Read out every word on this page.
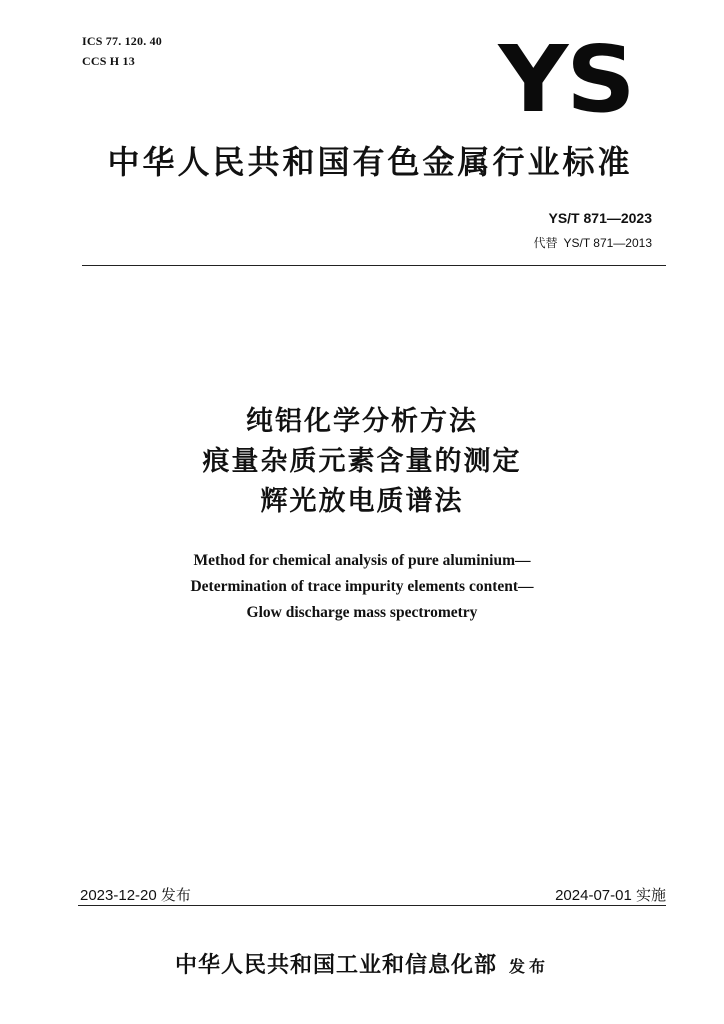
ICS 77. 120. 40
CCS H 13	YS
中华人民共和国有色金属行业标准
YS/T 871—2023
代替 YS/T 871—2013
纯铝化学分析方法
痕量杂质元素含量的测定
辉光放电质谱法
Method for chemical analysis of pure aluminium—
Determination of trace impurity elements content—
Glow discharge mass spectrometry
2023-12-20 发布	2024-07-01 实施
中华人民共和国工业和信息化部 发布
